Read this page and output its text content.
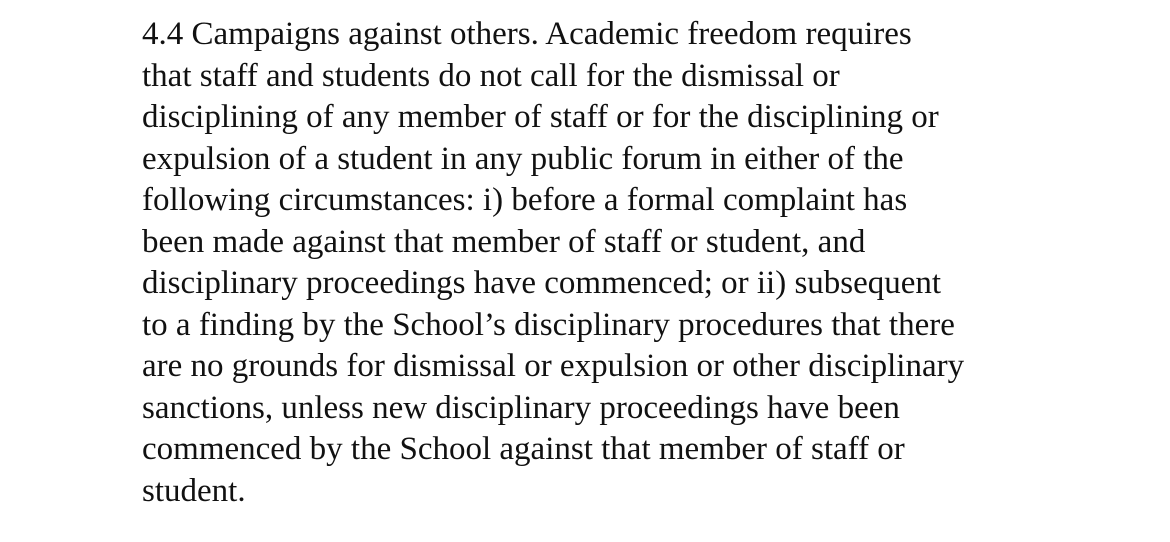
4.4 Campaigns against others. Academic freedom requires
that staff and students do not call for the dismissal or
disciplining of any member of staff or for the disciplining or
expulsion of a student in any public forum in either of the
following circumstances: i) before a formal complaint has
been made against that member of staff or student, and
disciplinary proceedings have commenced; or ii) subsequent
to a finding by the School’s disciplinary procedures that there
are no grounds for dismissal or expulsion or other disciplinary
sanctions, unless new disciplinary proceedings have been
commenced by the School against that member of staff or
student.
